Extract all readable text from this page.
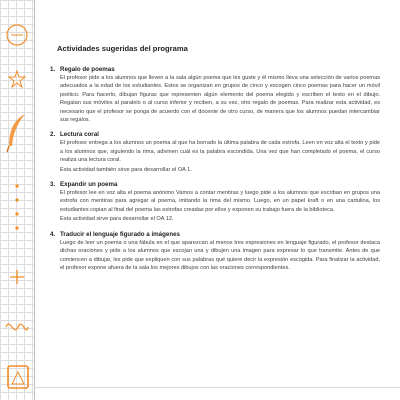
Actividades sugeridas del programa
1. Regalo de poemas
El profesor pide a los alumnos que lleven a la sala algún poema que les guste y él mismo lleva una selección de varios poemas adecuados a la edad de los estudiantes. Estos se organizan en grupos de cinco y escogen cinco poemas para hacer un móvil poético. Para hacerlo, dibujan figuras que representen algún elemento del poema elegido y escriben el texto en el dibujo. Regalan sus móviles al paralelo o al curso inferior y reciben, a su vez, otro regalo de poemas. Para realizar esta actividad, es necesario que el profesor se ponga de acuerdo con el docente de otro curso, de manera que los alumnos puedan intercambiar sus regalos.
2. Lectura coral
El profesor entrega a los alumnos un poema al que ha borrado la última palabra de cada estrofa. Leen en voz alta el texto y pide a los alumnos que, siguiendo la rima, adivinen cuál es la palabra escondida. Una vez que han completado el poema, el curso realiza una lectura coral.
Esta actividad también sirve para desarrollar el OA 1.
3. Expandir un poema
El profesor lee en voz alta el poema anónimo Vamos a contar mentiras y luego pide a los alumnos que escriban en grupos una estrofa con mentiras para agregar al poema, imitando la rima del mismo. Luego, en un papel kraft o en una cartulina, los estudiantes copian al final del poema las estrofas creadas por ellos y exponen su trabajo fuera de la biblioteca.
Esta actividad sirve para desarrollar el OA 12.
4. Traducir el lenguaje figurado a imágenes
Luego de leer un poema o una fábula en el que aparezcan al menos tres expresiones en lenguaje figurado, el profesor destaca dichas oraciones y pide a los alumnos que escojan una y dibujen una imagen para expresar lo que transmite. Antes de que comiencen a dibujar, les pide que expliquen con sus palabras qué quiere decir la expresión escogida. Para finalizar la actividad, el profesor expone afuera de la sala los mejores dibujos con las oraciones correspondientes.
